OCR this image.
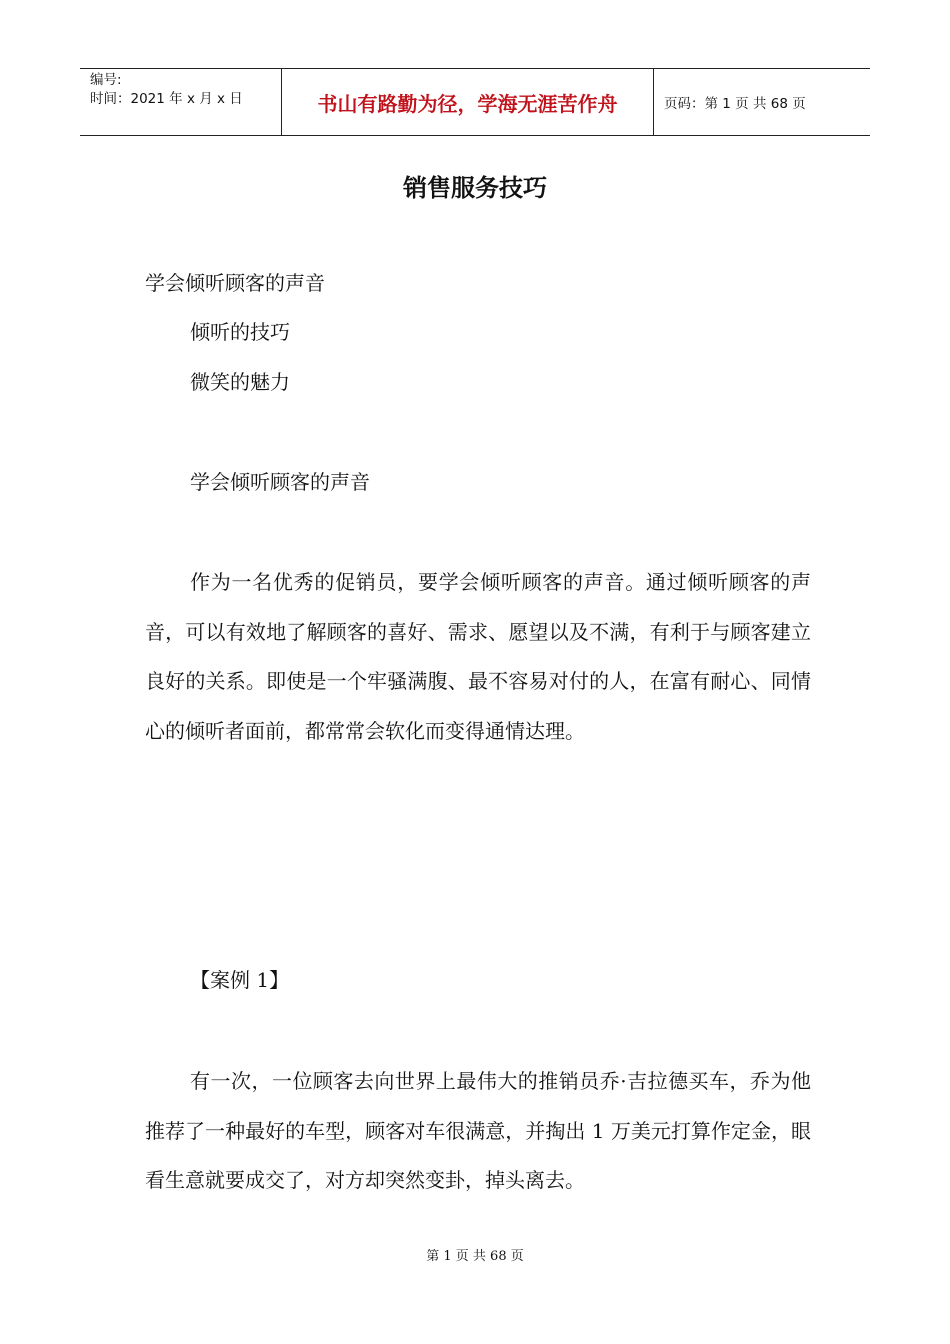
编号:
时间：2021 年 x 月 x 日	书山有路勤为径，学海无涯苦作舟	页码：第 1 页 共 68 页
销售服务技巧
学会倾听顾客的声音
倾听的技巧
微笑的魅力
学会倾听顾客的声音
作为一名优秀的促销员，要学会倾听顾客的声音。通过倾听顾客的声音，可以有效地了解顾客的喜好、需求、愿望以及不满，有利于与顾客建立良好的关系。即使是一个牢骚满腹、最不容易对付的人，在富有耐心、同情心的倾听者面前，都常常会软化而变得通情达理。
【案例 1】
有一次，一位顾客去向世界上最伟大的推销员乔·吉拉德买车，乔为他推荐了一种最好的车型，顾客对车很满意，并掏出 1 万美元打算作定金，眼看生意就要成交了，对方却突然变卦，掉头离去。
第 1 页 共 68 页
